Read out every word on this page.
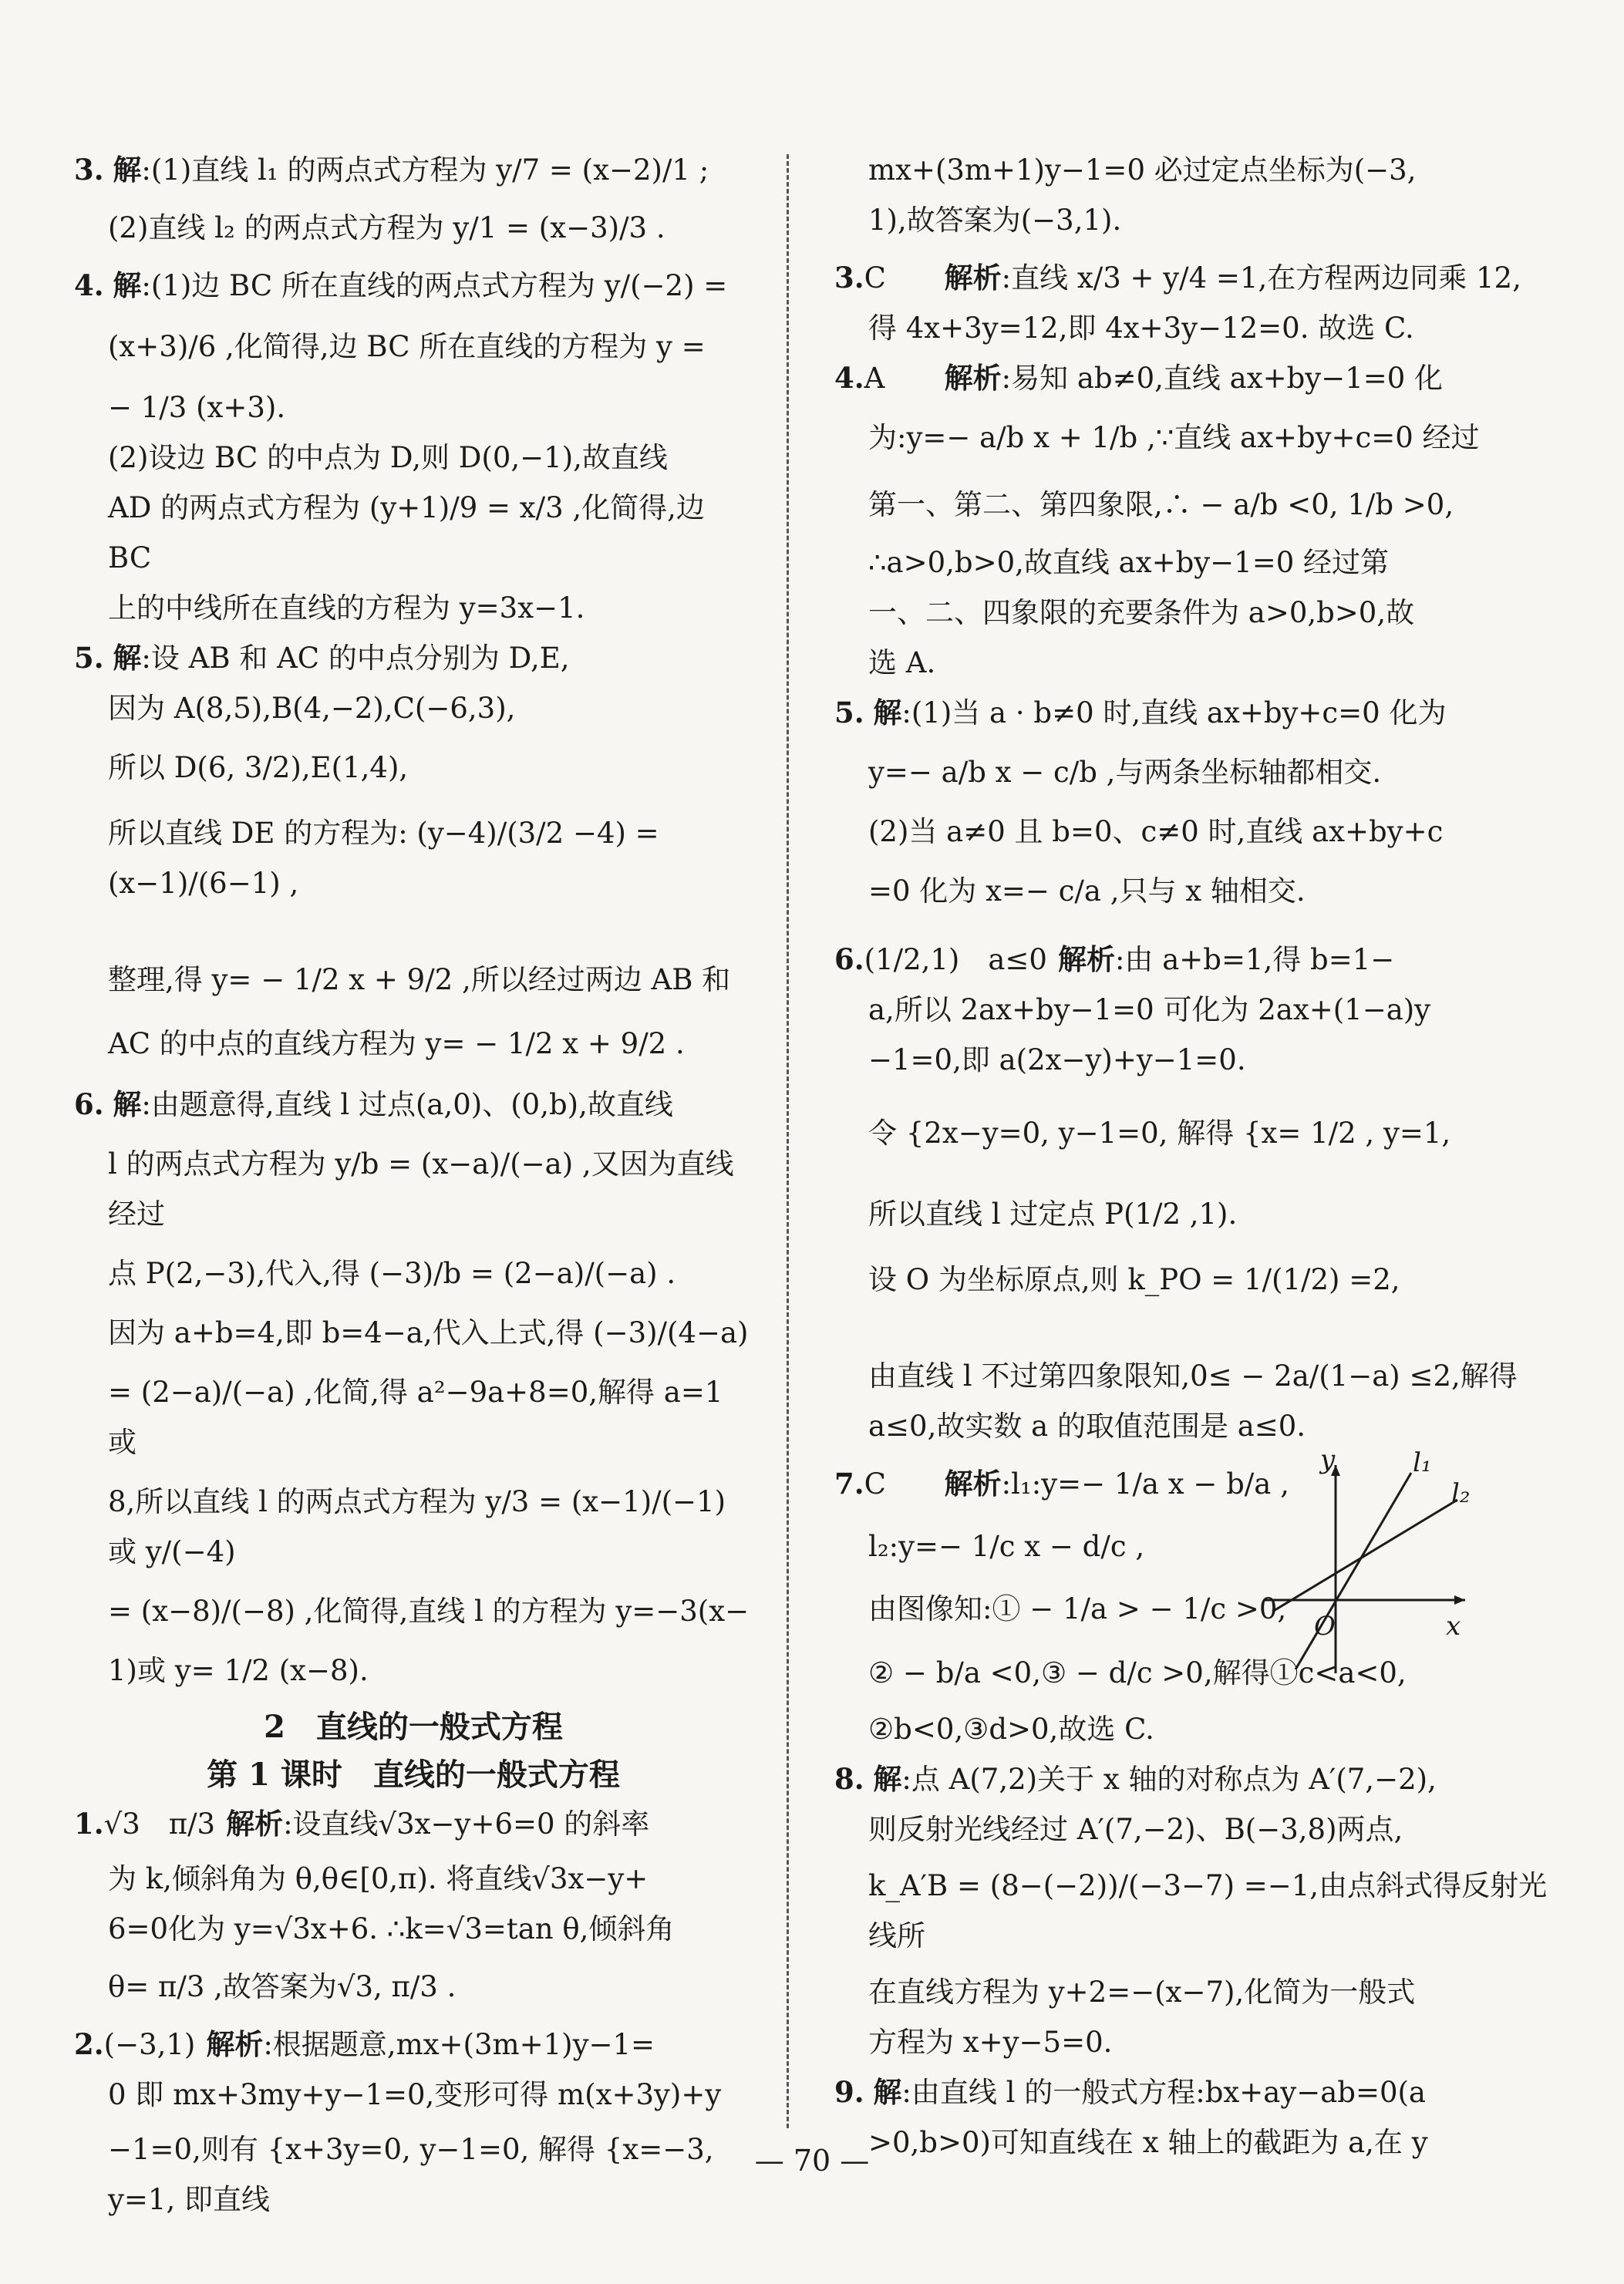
3. 解:(1)直线 l₁ 的两点式方程为 y/7 = (x−2)/1 ;
(2)直线 l₂ 的两点式方程为 y/1 = (x−3)/3 .
4. 解:(1)边 BC 所在直线的两点式方程为 y/(−2) =
(x+3)/6 ,化简得,边 BC 所在直线的方程为 y =
− 1/3 (x+3).
(2)设边 BC 的中点为 D,则 D(0,−1),故直线
AD 的两点式方程为 (y+1)/9 = x/3 ,化简得,边 BC
上的中线所在直线的方程为 y=3x−1.
5. 解:设 AB 和 AC 的中点分别为 D,E,
因为 A(8,5),B(4,−2),C(−6,3),
所以 D(6, 3/2),E(1,4),
所以直线 DE 的方程为: (y−4)/(3/2 −4) = (x−1)/(6−1) ,
整理,得 y= − 1/2 x + 9/2 ,所以经过两边 AB 和
AC 的中点的直线方程为 y= − 1/2 x + 9/2 .
6. 解:由题意得,直线 l 过点(a,0)、(0,b),故直线
l 的两点式方程为 y/b = (x−a)/(−a) ,又因为直线经过
点 P(2,−3),代入,得 (−3)/b = (2−a)/(−a) .
因为 a+b=4,即 b=4−a,代入上式,得 (−3)/(4−a)
= (2−a)/(−a) ,化简,得 a²−9a+8=0,解得 a=1 或
8,所以直线 l 的两点式方程为 y/3 = (x−1)/(−1) 或 y/(−4)
= (x−8)/(−8) ,化简得,直线 l 的方程为 y=−3(x−
1)或 y= 1/2 (x−8).
2　直线的一般式方程
第 1 课时　直线的一般式方程
1.√3　π/3 解析:设直线√3x−y+6=0 的斜率
为 k,倾斜角为 θ,θ∈[0,π). 将直线√3x−y+
6=0化为 y=√3x+6. ∴k=√3=tan θ,倾斜角
θ= π/3 ,故答案为√3, π/3 .
2.(−3,1) 解析:根据题意,mx+(3m+1)y−1=
0 即 mx+3my+y−1=0,变形可得 m(x+3y)+y
−1=0,则有 {x+3y=0, y−1=0, 解得 {x=−3, y=1, 即直线
mx+(3m+1)y−1=0 必过定点坐标为(−3,
1),故答案为(−3,1).
3.C 解析:直线 x/3 + y/4 =1,在方程两边同乘 12,
得 4x+3y=12,即 4x+3y−12=0. 故选 C.
4.A 解析:易知 ab≠0,直线 ax+by−1=0 化
为:y=− a/b x + 1/b ,∵直线 ax+by+c=0 经过
第一、第二、第四象限,∴ − a/b <0, 1/b >0,
∴a>0,b>0,故直线 ax+by−1=0 经过第
一、二、四象限的充要条件为 a>0,b>0,故
选 A.
5. 解:(1)当 a · b≠0 时,直线 ax+by+c=0 化为
y=− a/b x − c/b ,与两条坐标轴都相交.
(2)当 a≠0 且 b=0、c≠0 时,直线 ax+by+c
=0 化为 x=− c/a ,只与 x 轴相交.
6.(1/2,1)　a≤0 解析:由 a+b=1,得 b=1−
a,所以 2ax+by−1=0 可化为 2ax+(1−a)y
−1=0,即 a(2x−y)+y−1=0.
令 {2x−y=0, y−1=0, 解得 {x= 1/2 , y=1,
所以直线 l 过定点 P(1/2 ,1).
设 O 为坐标原点,则 k_PO = 1/(1/2) =2,
由直线 l 不过第四象限知,0≤ − 2a/(1−a) ≤2,解得
a≤0,故实数 a 的取值范围是 a≤0.
7.C 解析:l₁:y=− 1/a x − b/a ,
l₂:y=− 1/c x − d/c ,
由图像知:① − 1/a > − 1/c >0,
② − b/a <0,③ − d/c >0,解得①c<a<0,
②b<0,③d>0,故选 C.
8. 解:点 A(7,2)关于 x 轴的对称点为 A′(7,−2),
则反射光线经过 A′(7,−2)、B(−3,8)两点,
k_A′B = (8−(−2))/(−3−7) =−1,由点斜式得反射光线所
在直线方程为 y+2=−(x−7),化简为一般式
方程为 x+y−5=0.
9. 解:由直线 l 的一般式方程:bx+ay−ab=0(a
>0,b>0)可知直线在 x 轴上的截距为 a,在 y
y
x
O
l₁
l₂
— 70 —
